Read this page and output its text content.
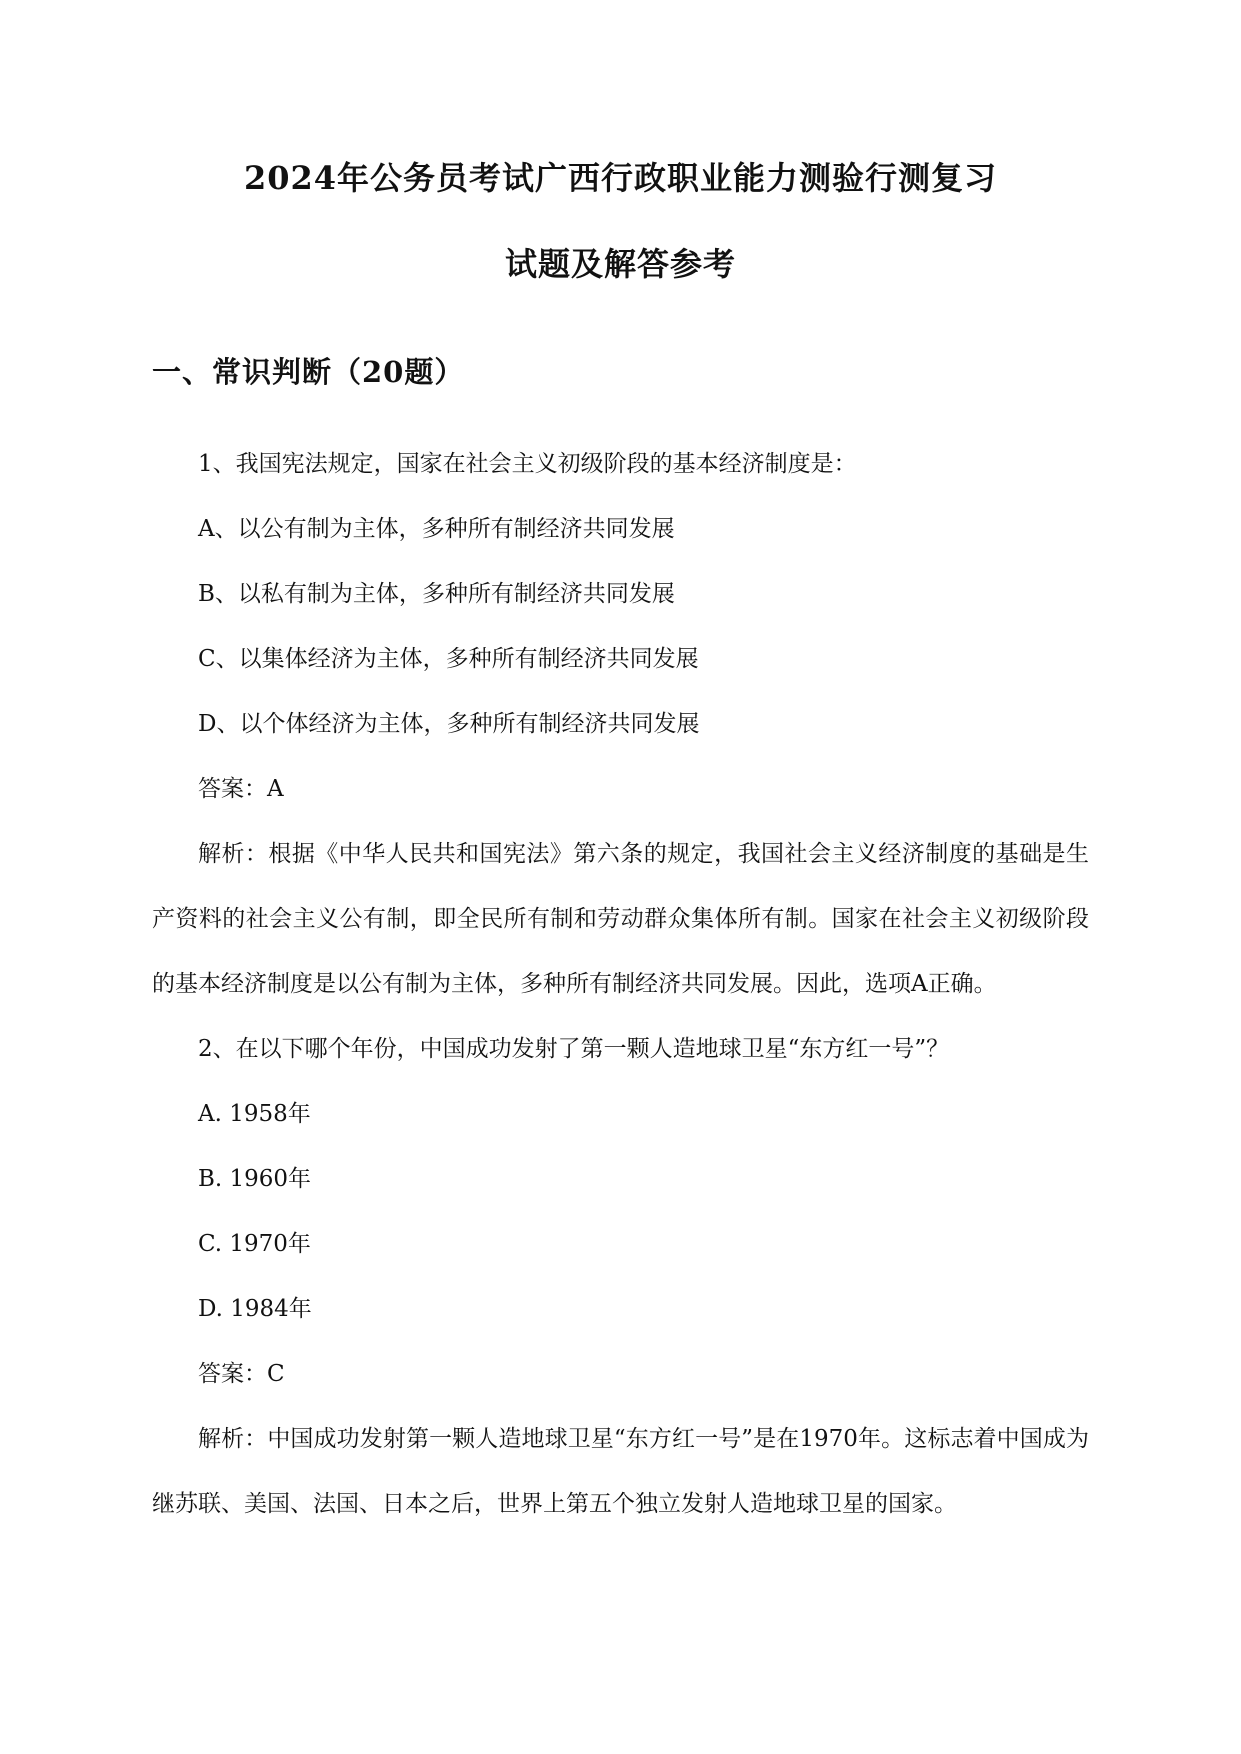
2024年公务员考试广西行政职业能力测验行测复习
试题及解答参考
一、常识判断（20题）

1、我国宪法规定，国家在社会主义初级阶段的基本经济制度是：

A、以公有制为主体，多种所有制经济共同发展

B、以私有制为主体，多种所有制经济共同发展

C、以集体经济为主体，多种所有制经济共同发展

D、以个体经济为主体，多种所有制经济共同发展

答案：A

解析：根据《中华人民共和国宪法》第六条的规定，我国社会主义经济制度的基础是生产资料的社会主义公有制，即全民所有制和劳动群众集体所有制。国家在社会主义初级阶段的基本经济制度是以公有制为主体，多种所有制经济共同发展。因此，选项A正确。

2、在以下哪个年份，中国成功发射了第一颗人造地球卫星“东方红一号”？

A. 1958年

B. 1960年

C. 1970年

D. 1984年

答案：C

解析：中国成功发射第一颗人造地球卫星“东方红一号”是在1970年。这标志着中国成为继苏联、美国、法国、日本之后，世界上第五个独立发射人造地球卫星的国家。
